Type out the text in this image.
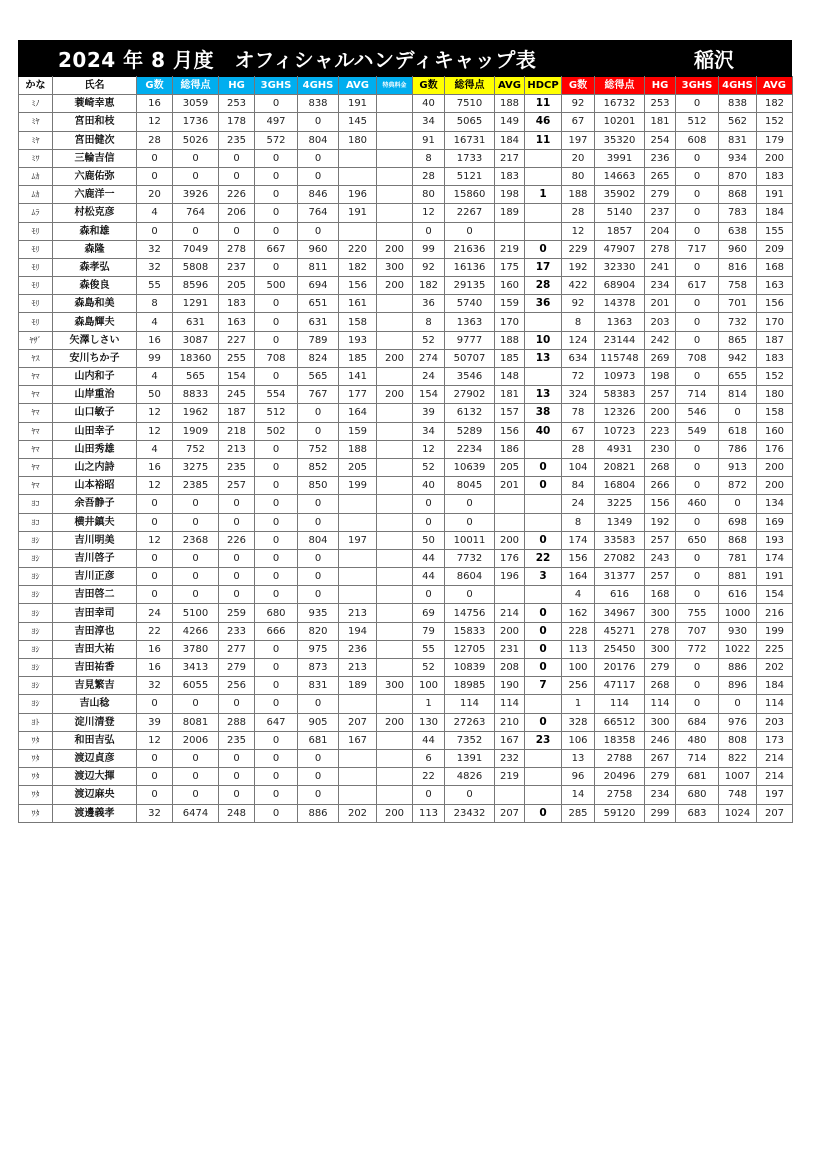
2024 年 8 月度　オフィシャルハンディキャップ表	稲沢
かな	氏名	G数	総得点	HG	3GHS	4GHS	AVG	特典料金	G数	総得点	AVG	HDCP	G数	総得点	HG	3GHS	4GHS	AVG
ﾐﾉ	蓑崎幸恵	16	3059	253	0	838	191		40	7510	188	11	92	16732	253	0	838	182
ﾐﾔ	宮田和枝	12	1736	178	497	0	145		34	5065	149	46	67	10201	181	512	562	152
ﾐﾔ	宮田健次	28	5026	235	572	804	180		91	16731	184	11	197	35320	254	608	831	179
ﾐﾜ	三輪吉信	0	0	0	0	0			8	1733	217		20	3991	236	0	934	200
ﾑｶ	六鹿佑弥	0	0	0	0	0			28	5121	183		80	14663	265	0	870	183
ﾑｶ	六鹿洋一	20	3926	226	0	846	196		80	15860	198	1	188	35902	279	0	868	191
ﾑﾗ	村松克彦	4	764	206	0	764	191		12	2267	189		28	5140	237	0	783	184
ﾓﾘ	森和雄	0	0	0	0	0			0	0			12	1857	204	0	638	155
ﾓﾘ	森隆	32	7049	278	667	960	220	200	99	21636	219	0	229	47907	278	717	960	209
ﾓﾘ	森孝弘	32	5808	237	0	811	182	300	92	16136	175	17	192	32330	241	0	816	168
ﾓﾘ	森俊良	55	8596	205	500	694	156	200	182	29135	160	28	422	68904	234	617	758	163
ﾓﾘ	森島和美	8	1291	183	0	651	161		36	5740	159	36	92	14378	201	0	701	156
ﾓﾘ	森島輝夫	4	631	163	0	631	158		8	1363	170		8	1363	203	0	732	170
ﾔｻﾞ	矢澤しさい	16	3087	227	0	789	193		52	9777	188	10	124	23144	242	0	865	187
ﾔｽ	安川ちか子	99	18360	255	708	824	185	200	274	50707	185	13	634	115748	269	708	942	183
ﾔﾏ	山内和子	4	565	154	0	565	141		24	3546	148		72	10973	198	0	655	152
ﾔﾏ	山岸重治	50	8833	245	554	767	177	200	154	27902	181	13	324	58383	257	714	814	180
ﾔﾏ	山口敏子	12	1962	187	512	0	164		39	6132	157	38	78	12326	200	546	0	158
ﾔﾏ	山田幸子	12	1909	218	502	0	159		34	5289	156	40	67	10723	223	549	618	160
ﾔﾏ	山田秀雄	4	752	213	0	752	188		12	2234	186		28	4931	230	0	786	176
ﾔﾏ	山之内詩	16	3275	235	0	852	205		52	10639	205	0	104	20821	268	0	913	200
ﾔﾏ	山本裕昭	12	2385	257	0	850	199		40	8045	201	0	84	16804	266	0	872	200
ﾖｺ	余吾静子	0	0	0	0	0			0	0			24	3225	156	460	0	134
ﾖｺ	横井鎮夫	0	0	0	0	0			0	0			8	1349	192	0	698	169
ﾖｼ	吉川明美	12	2368	226	0	804	197		50	10011	200	0	174	33583	257	650	868	193
ﾖｼ	吉川啓子	0	0	0	0	0			44	7732	176	22	156	27082	243	0	781	174
ﾖｼ	吉川正彦	0	0	0	0	0			44	8604	196	3	164	31377	257	0	881	191
ﾖｼ	吉田啓二	0	0	0	0	0			0	0			4	616	168	0	616	154
ﾖｼ	吉田幸司	24	5100	259	680	935	213		69	14756	214	0	162	34967	300	755	1000	216
ﾖｼ	吉田淳也	22	4266	233	666	820	194		79	15833	200	0	228	45271	278	707	930	199
ﾖｼ	吉田大祐	16	3780	277	0	975	236		55	12705	231	0	113	25450	300	772	1022	225
ﾖｼ	吉田祐香	16	3413	279	0	873	213		52	10839	208	0	100	20176	279	0	886	202
ﾖｼ	吉見繁吉	32	6055	256	0	831	189	300	100	18985	190	7	256	47117	268	0	896	184
ﾖｼ	吉山稔	0	0	0	0	0			1	114	114		1	114	114	0	0	114
ﾖﾄ	淀川清登	39	8081	288	647	905	207	200	130	27263	210	0	328	66512	300	684	976	203
ﾜﾀ	和田吉弘	12	2006	235	0	681	167		44	7352	167	23	106	18358	246	480	808	173
ﾜﾀ	渡辺貞彦	0	0	0	0	0			6	1391	232		13	2788	267	714	822	214
ﾜﾀ	渡辺大揮	0	0	0	0	0			22	4826	219		96	20496	279	681	1007	214
ﾜﾀ	渡辺麻央	0	0	0	0	0			0	0			14	2758	234	680	748	197
ﾜﾀ	渡邊義孝	32	6474	248	0	886	202	200	113	23432	207	0	285	59120	299	683	1024	207
